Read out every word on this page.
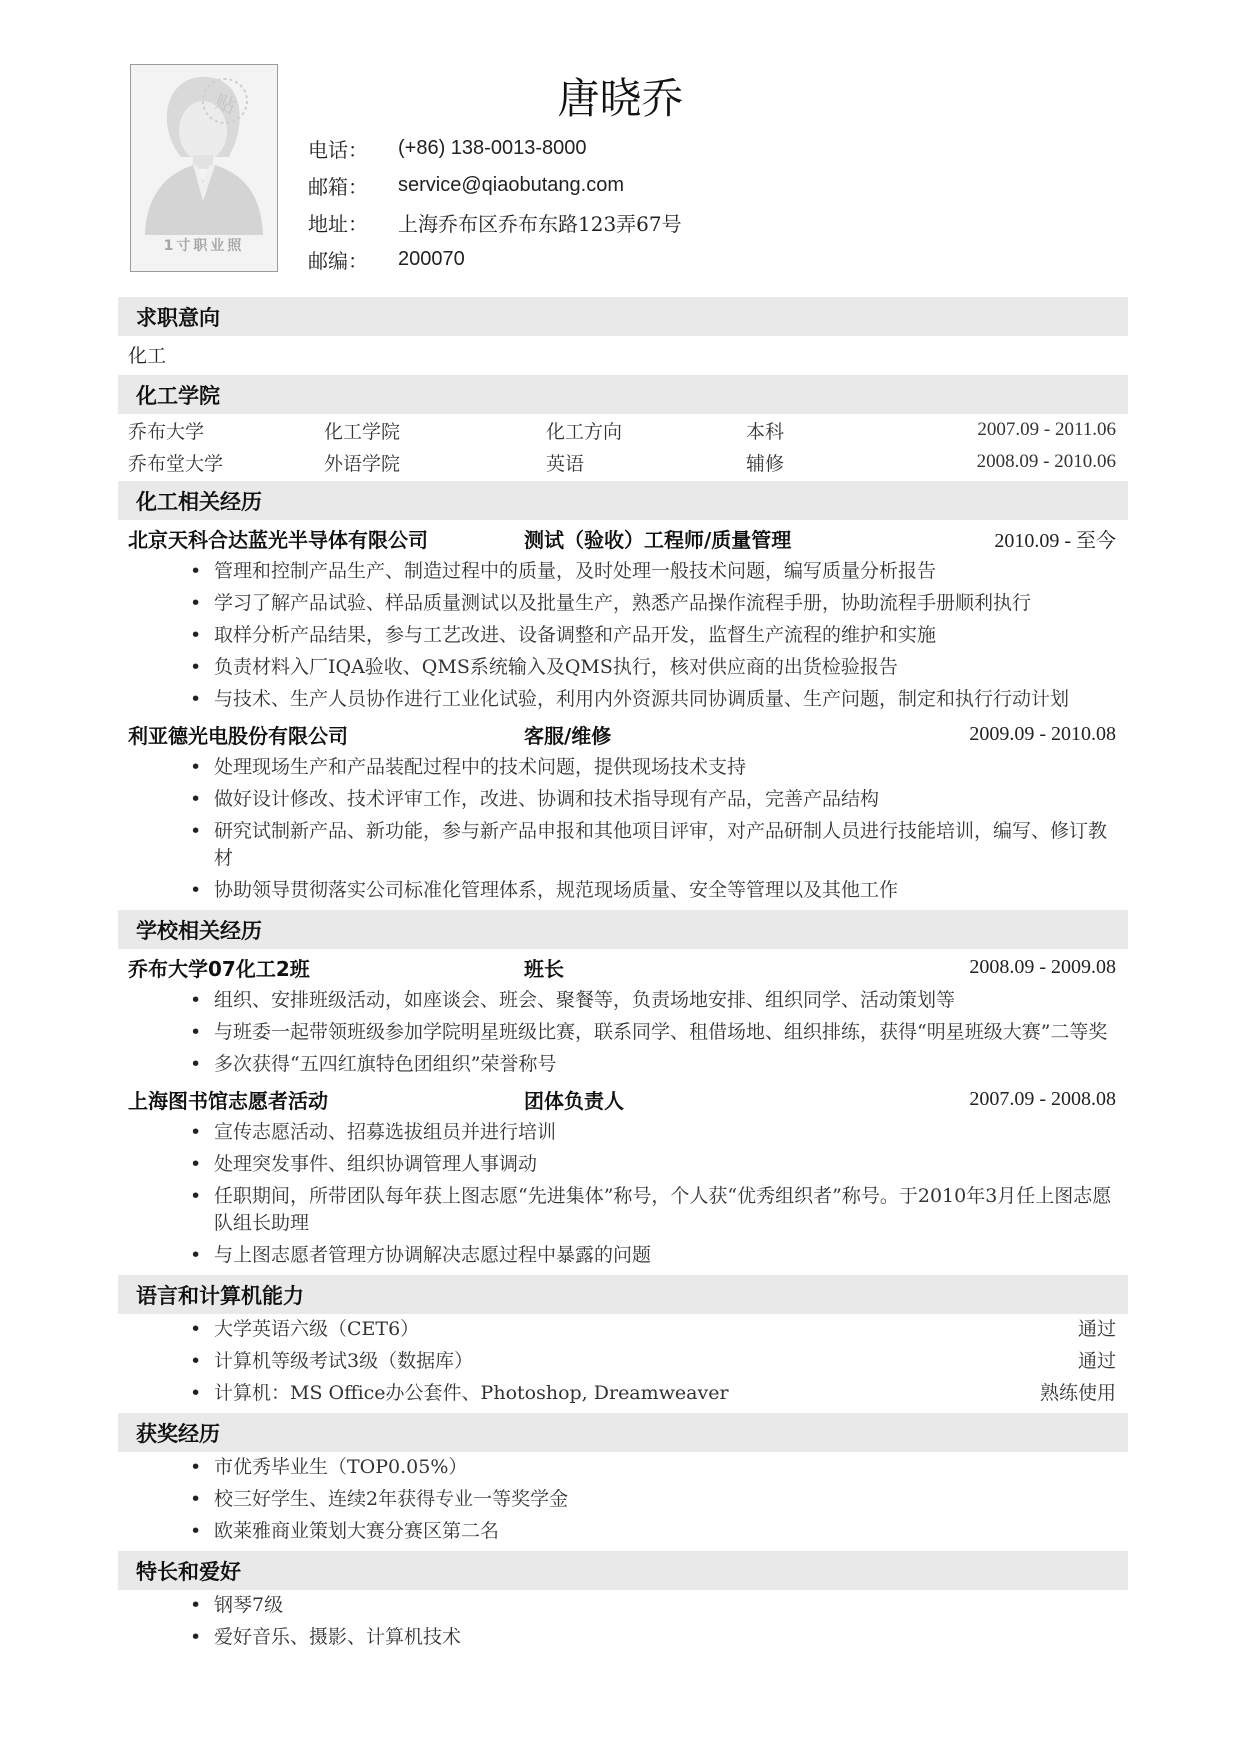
贴
1寸职业照
唐晓乔
电话：	(+86) 138-0013-8000
邮箱：	service@qiaobutang.com
地址：	上海乔布区乔布东路123弄67号
邮编：	200070
求职意向
化工
化工学院
乔布大学	化工学院	化工方向	本科	2007.09 - 2011.06
乔布堂大学	外语学院	英语	辅修	2008.09 - 2010.06
化工相关经历
北京天科合达蓝光半导体有限公司	测试（验收）工程师/质量管理	2010.09 - 至今
• 管理和控制产品生产、制造过程中的质量，及时处理一般技术问题，编写质量分析报告
• 学习了解产品试验、样品质量测试以及批量生产，熟悉产品操作流程手册，协助流程手册顺利执行
• 取样分析产品结果，参与工艺改进、设备调整和产品开发，监督生产流程的维护和实施
• 负责材料入厂IQA验收、QMS系统输入及QMS执行，核对供应商的出货检验报告
• 与技术、生产人员协作进行工业化试验，利用内外资源共同协调质量、生产问题，制定和执行行动计划
利亚德光电股份有限公司	客服/维修	2009.09 - 2010.08
• 处理现场生产和产品装配过程中的技术问题，提供现场技术支持
• 做好设计修改、技术评审工作，改进、协调和技术指导现有产品，完善产品结构
• 研究试制新产品、新功能，参与新产品申报和其他项目评审，对产品研制人员进行技能培训，编写、修订教材
• 协助领导贯彻落实公司标准化管理体系，规范现场质量、安全等管理以及其他工作
学校相关经历
乔布大学07化工2班	班长	2008.09 - 2009.08
• 组织、安排班级活动，如座谈会、班会、聚餐等，负责场地安排、组织同学、活动策划等
• 与班委一起带领班级参加学院明星班级比赛，联系同学、租借场地、组织排练，获得“明星班级大赛”二等奖
• 多次获得“五四红旗特色团组织”荣誉称号
上海图书馆志愿者活动	团体负责人	2007.09 - 2008.08
• 宣传志愿活动、招募选拔组员并进行培训
• 处理突发事件、组织协调管理人事调动
• 任职期间，所带团队每年获上图志愿“先进集体”称号，个人获“优秀组织者”称号。于2010年3月任上图志愿队组长助理
• 与上图志愿者管理方协调解决志愿过程中暴露的问题
语言和计算机能力
• 大学英语六级（CET6）	通过
• 计算机等级考试3级（数据库）	通过
• 计算机：MS Office办公套件、Photoshop, Dreamweaver	熟练使用
获奖经历
• 市优秀毕业生（TOP0.05%）
• 校三好学生、连续2年获得专业一等奖学金
• 欧莱雅商业策划大赛分赛区第二名
特长和爱好
• 钢琴7级
• 爱好音乐、摄影、计算机技术
